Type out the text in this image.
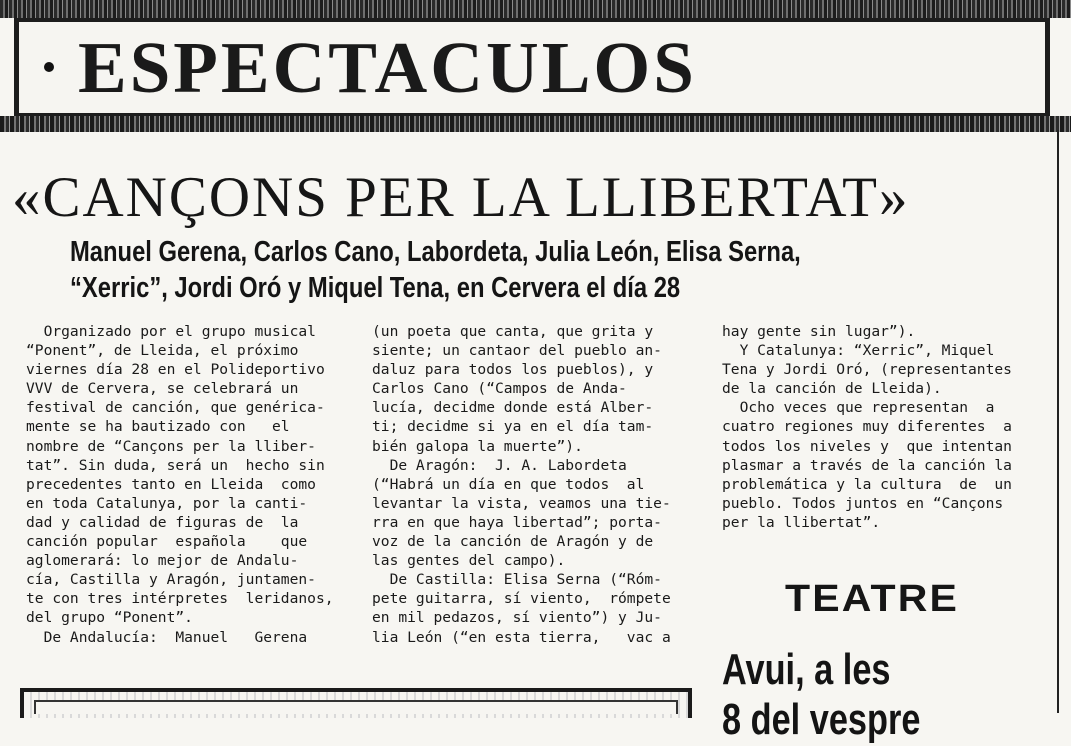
ESPECTACULOS
«CANÇONS PER LA LLIBERTAT»
Manuel Gerena, Carlos Cano, Labordeta, Julia León, Elisa Serna,
“Xerric”, Jordi Oró y Miquel Tena, en Cervera el día 28
Organizado por el grupo musical
“Ponent”, de Lleida, el próximo
viernes día 28 en el Polideportivo
VVV de Cervera, se celebrará un
festival de canción, que genérica-
mente se ha bautizado con   el
nombre de “Cançons per la lliber-
tat”. Sin duda, será un  hecho sin
precedentes tanto en Lleida  como
en toda Catalunya, por la canti-
dad y calidad de figuras de  la
canción popular  española    que
aglomerará: lo mejor de Andalu-
cía, Castilla y Aragón, juntamen-
te con tres intérpretes  leridanos,
del grupo “Ponent”.
De Andalucía:  Manuel   Gerena
(un poeta que canta, que grita y
siente; un cantaor del pueblo an-
daluz para todos los pueblos), y
Carlos Cano (“Campos de Anda-
lucía, decidme donde está Alber-
ti; decidme si ya en el día tam-
bién galopa la muerte”).
De Aragón:  J. A. Labordeta
(“Habrá un día en que todos  al
levantar la vista, veamos una tie-
rra en que haya libertad”; porta-
voz de la canción de Aragón y de
las gentes del campo).
De Castilla: Elisa Serna (“Róm-
pete guitarra, sí viento,  rómpete
en mil pedazos, sí viento”) y Ju-
lia León (“en esta tierra,   vac a
hay gente sin lugar”).
Y Catalunya: “Xerric”, Miquel
Tena y Jordi Oró, (representantes
de la canción de Lleida).
Ocho veces que representan  a
cuatro regiones muy diferentes  a
todos los niveles y  que intentan
plasmar a través de la canción la
problemática y la cultura  de  un
pueblo. Todos juntos en “Cançons
per la llibertat”.
TEATRE
Avui, a les
8 del vespre
